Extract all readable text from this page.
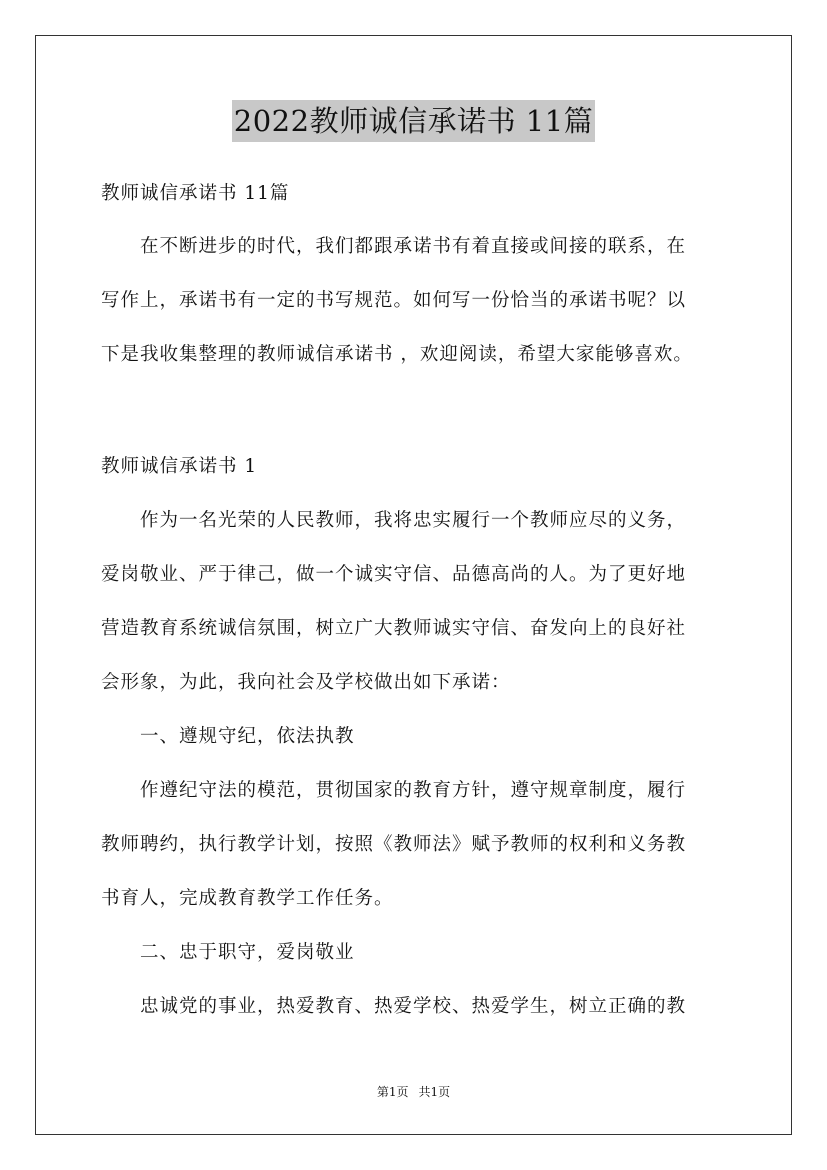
2022教师诚信承诺书 11篇
教师诚信承诺书 11篇
　　在不断进步的时代，我们都跟承诺书有着直接或间接的联系，在
写作上，承诺书有一定的书写规范。如何写一份恰当的承诺书呢？以
下是我收集整理的教师诚信承诺书 ，欢迎阅读，希望大家能够喜欢。
教师诚信承诺书 1
　　作为一名光荣的人民教师，我将忠实履行一个教师应尽的义务，
爱岗敬业、严于律己，做一个诚实守信、品德高尚的人。为了更好地
营造教育系统诚信氛围，树立广大教师诚实守信、奋发向上的良好社
会形象，为此，我向社会及学校做出如下承诺：
　　一、遵规守纪，依法执教
　　作遵纪守法的模范，贯彻国家的教育方针，遵守规章制度，履行
教师聘约，执行教学计划，按照《教师法》赋予教师的权利和义务教
书育人，完成教育教学工作任务。
　　二、忠于职守，爱岗敬业
　　忠诚党的事业，热爱教育、热爱学校、热爱学生，树立正确的教
第1页 共1页
